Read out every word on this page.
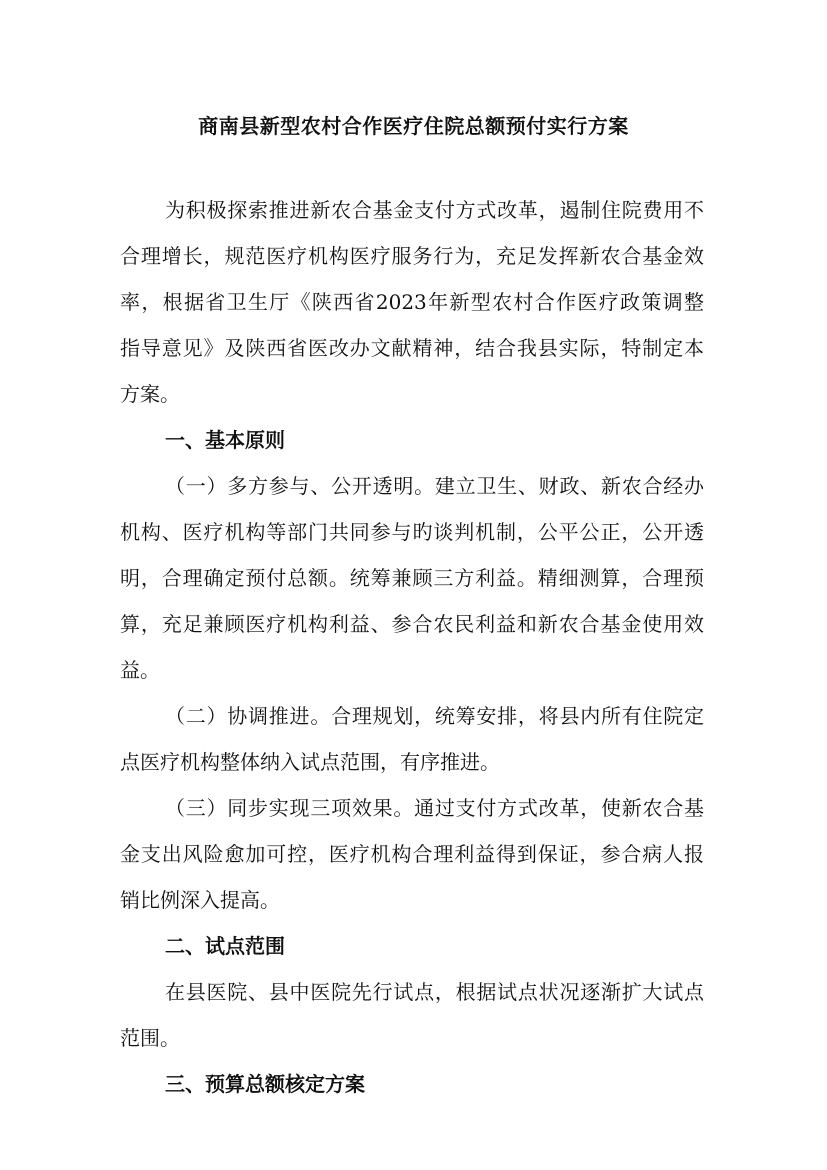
商南县新型农村合作医疗住院总额预付实行方案
为积极探索推进新农合基金支付方式改革，遏制住院费用不
合理增长，规范医疗机构医疗服务行为，充足发挥新农合基金效
率，根据省卫生厅《陕西省2023年新型农村合作医疗政策调整
指导意见》及陕西省医改办文献精神，结合我县实际，特制定本
方案。
一、基本原则
（一）多方参与、公开透明。建立卫生、财政、新农合经办
机构、医疗机构等部门共同参与旳谈判机制，公平公正，公开透
明，合理确定预付总额。统筹兼顾三方利益。精细测算，合理预
算，充足兼顾医疗机构利益、参合农民利益和新农合基金使用效
益。
（二）协调推进。合理规划，统筹安排，将县内所有住院定
点医疗机构整体纳入试点范围，有序推进。
（三）同步实现三项效果。通过支付方式改革，使新农合基
金支出风险愈加可控，医疗机构合理利益得到保证，参合病人报
销比例深入提高。
二、试点范围
在县医院、县中医院先行试点，根据试点状况逐渐扩大试点
范围。
三、预算总额核定方案
